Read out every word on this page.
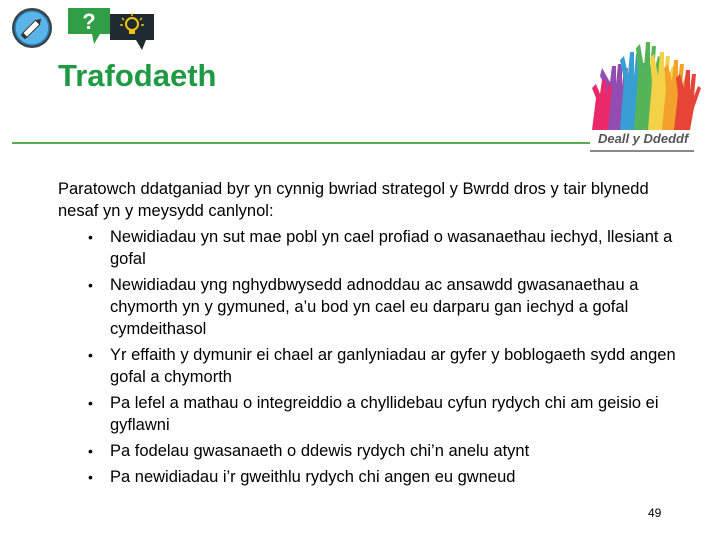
?
Trafodaeth
Deall y Ddeddf

Paratowch ddatganiad byr yn cynnig bwriad strategol y Bwrdd dros y tair blynedd nesaf yn y meysydd canlynol:

• Newidiadau yn sut mae pobl yn cael profiad o wasanaethau iechyd, llesiant a gofal
• Newidiadau yng nghydbwysedd adnoddau ac ansawdd gwasanaethau a chymorth yn y gymuned, a’u bod yn cael eu darparu gan iechyd a gofal cymdeithasol
• Yr effaith y dymunir ei chael ar ganlyniadau ar gyfer y boblogaeth sydd angen gofal a chymorth
• Pa lefel a mathau o integreiddio a chyllidebau cyfun rydych chi am geisio ei gyflawni
• Pa fodelau gwasanaeth o ddewis rydych chi’n anelu atynt
• Pa newidiadau i’r gweithlu rydych chi angen eu gwneud
49
